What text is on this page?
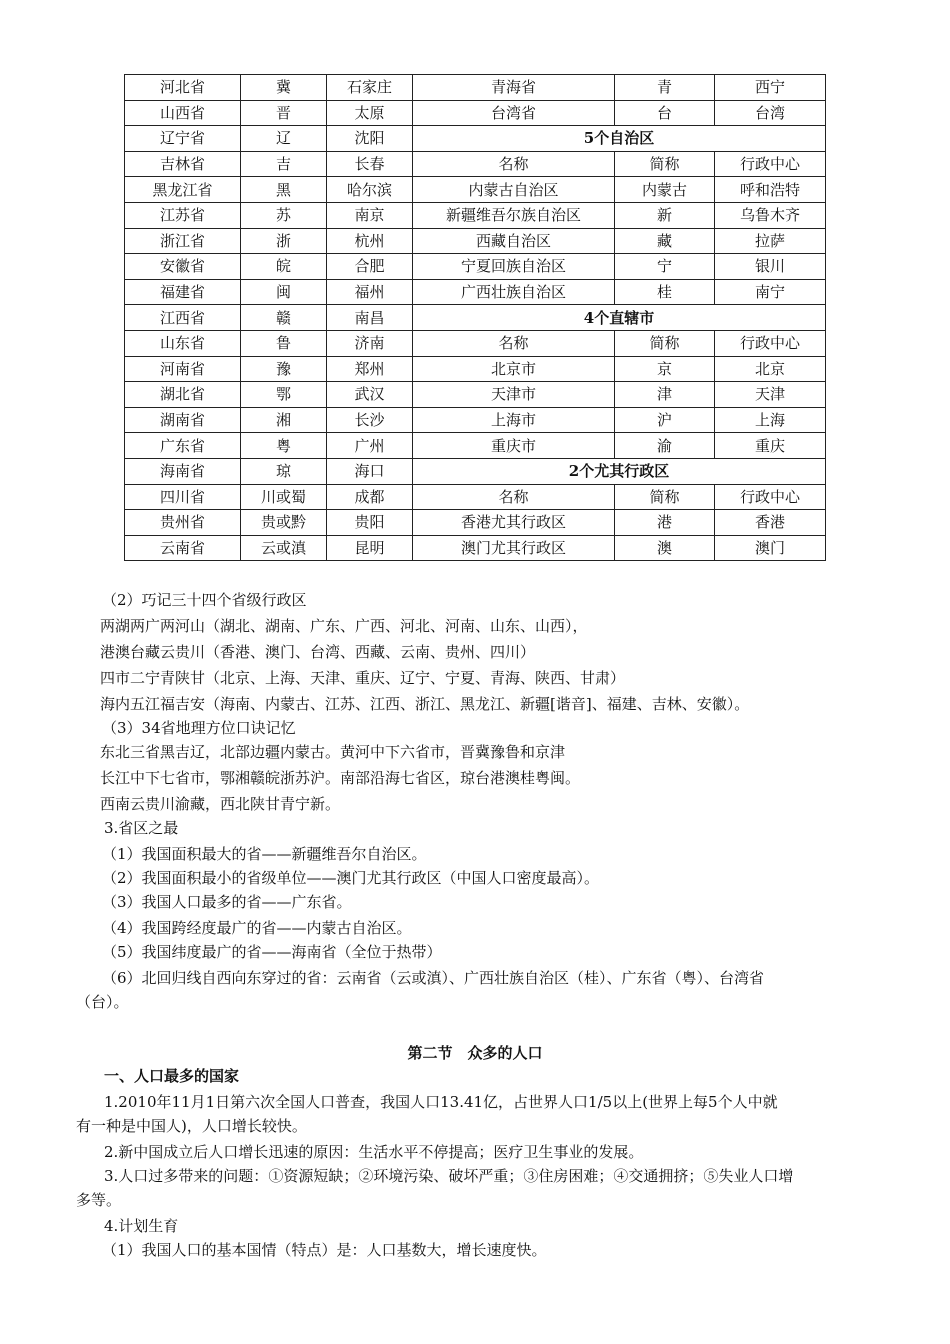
河北省	冀	石家庄	青海省	青	西宁
山西省	晋	太原	台湾省	台	台湾
辽宁省	辽	沈阳	5个自治区		
吉林省	吉	长春	名称	简称	行政中心
黑龙江省	黑	哈尔滨	内蒙古自治区	内蒙古	呼和浩特
江苏省	苏	南京	新疆维吾尔族自治区	新	乌鲁木齐
浙江省	浙	杭州	西藏自治区	藏	拉萨
安徽省	皖	合肥	宁夏回族自治区	宁	银川
福建省	闽	福州	广西壮族自治区	桂	南宁
江西省	赣	南昌	4个直辖市		
山东省	鲁	济南	名称	简称	行政中心
河南省	豫	郑州	北京市	京	北京
湖北省	鄂	武汉	天津市	津	天津
湖南省	湘	长沙	上海市	沪	上海
广东省	粤	广州	重庆市	渝	重庆
海南省	琼	海口	2个尤其行政区		
四川省	川或蜀	成都	名称	简称	行政中心
贵州省	贵或黔	贵阳	香港尤其行政区	港	香港
云南省	云或滇	昆明	澳门尤其行政区	澳	澳门
（2）巧记三十四个省级行政区
两湖两广两河山（湖北、湖南、广东、广西、河北、河南、山东、山西），
港澳台藏云贵川（香港、澳门、台湾、西藏、云南、贵州、四川）
四市二宁青陕甘（北京、上海、天津、重庆、辽宁、宁夏、青海、陕西、甘肃）
海内五江福吉安（海南、内蒙古、江苏、江西、浙江、黑龙江、新疆[谐音]、福建、吉林、安徽）。
（3）34省地理方位口诀记忆
东北三省黑吉辽，北部边疆内蒙古。黄河中下六省市，晋冀豫鲁和京津
长江中下七省市，鄂湘赣皖浙苏沪。南部沿海七省区，琼台港澳桂粤闽。
西南云贵川渝藏，西北陕甘青宁新。
3.省区之最
（1）我国面积最大的省——新疆维吾尔自治区。
（2）我国面积最小的省级单位——澳门尤其行政区（中国人口密度最高）。
（3）我国人口最多的省——广东省。
（4）我国跨经度最广的省——内蒙古自治区。
（5）我国纬度最广的省——海南省（全位于热带）
（6）北回归线自西向东穿过的省：云南省（云或滇）、广西壮族自治区（桂）、广东省（粤）、台湾省
（台）。
第二节　众多的人口
一、人口最多的国家
1.2010年11月1日第六次全国人口普查，我国人口13.41亿，占世界人口1/5以上(世界上每5个人中就
有一种是中国人)，人口增长较快。
2.新中国成立后人口增长迅速的原因：生活水平不停提高；医疗卫生事业的发展。
3.人口过多带来的问题：①资源短缺；②环境污染、破坏严重；③住房困难；④交通拥挤；⑤失业人口增
多等。
4.计划生育
（1）我国人口的基本国情（特点）是：人口基数大，增长速度快。
